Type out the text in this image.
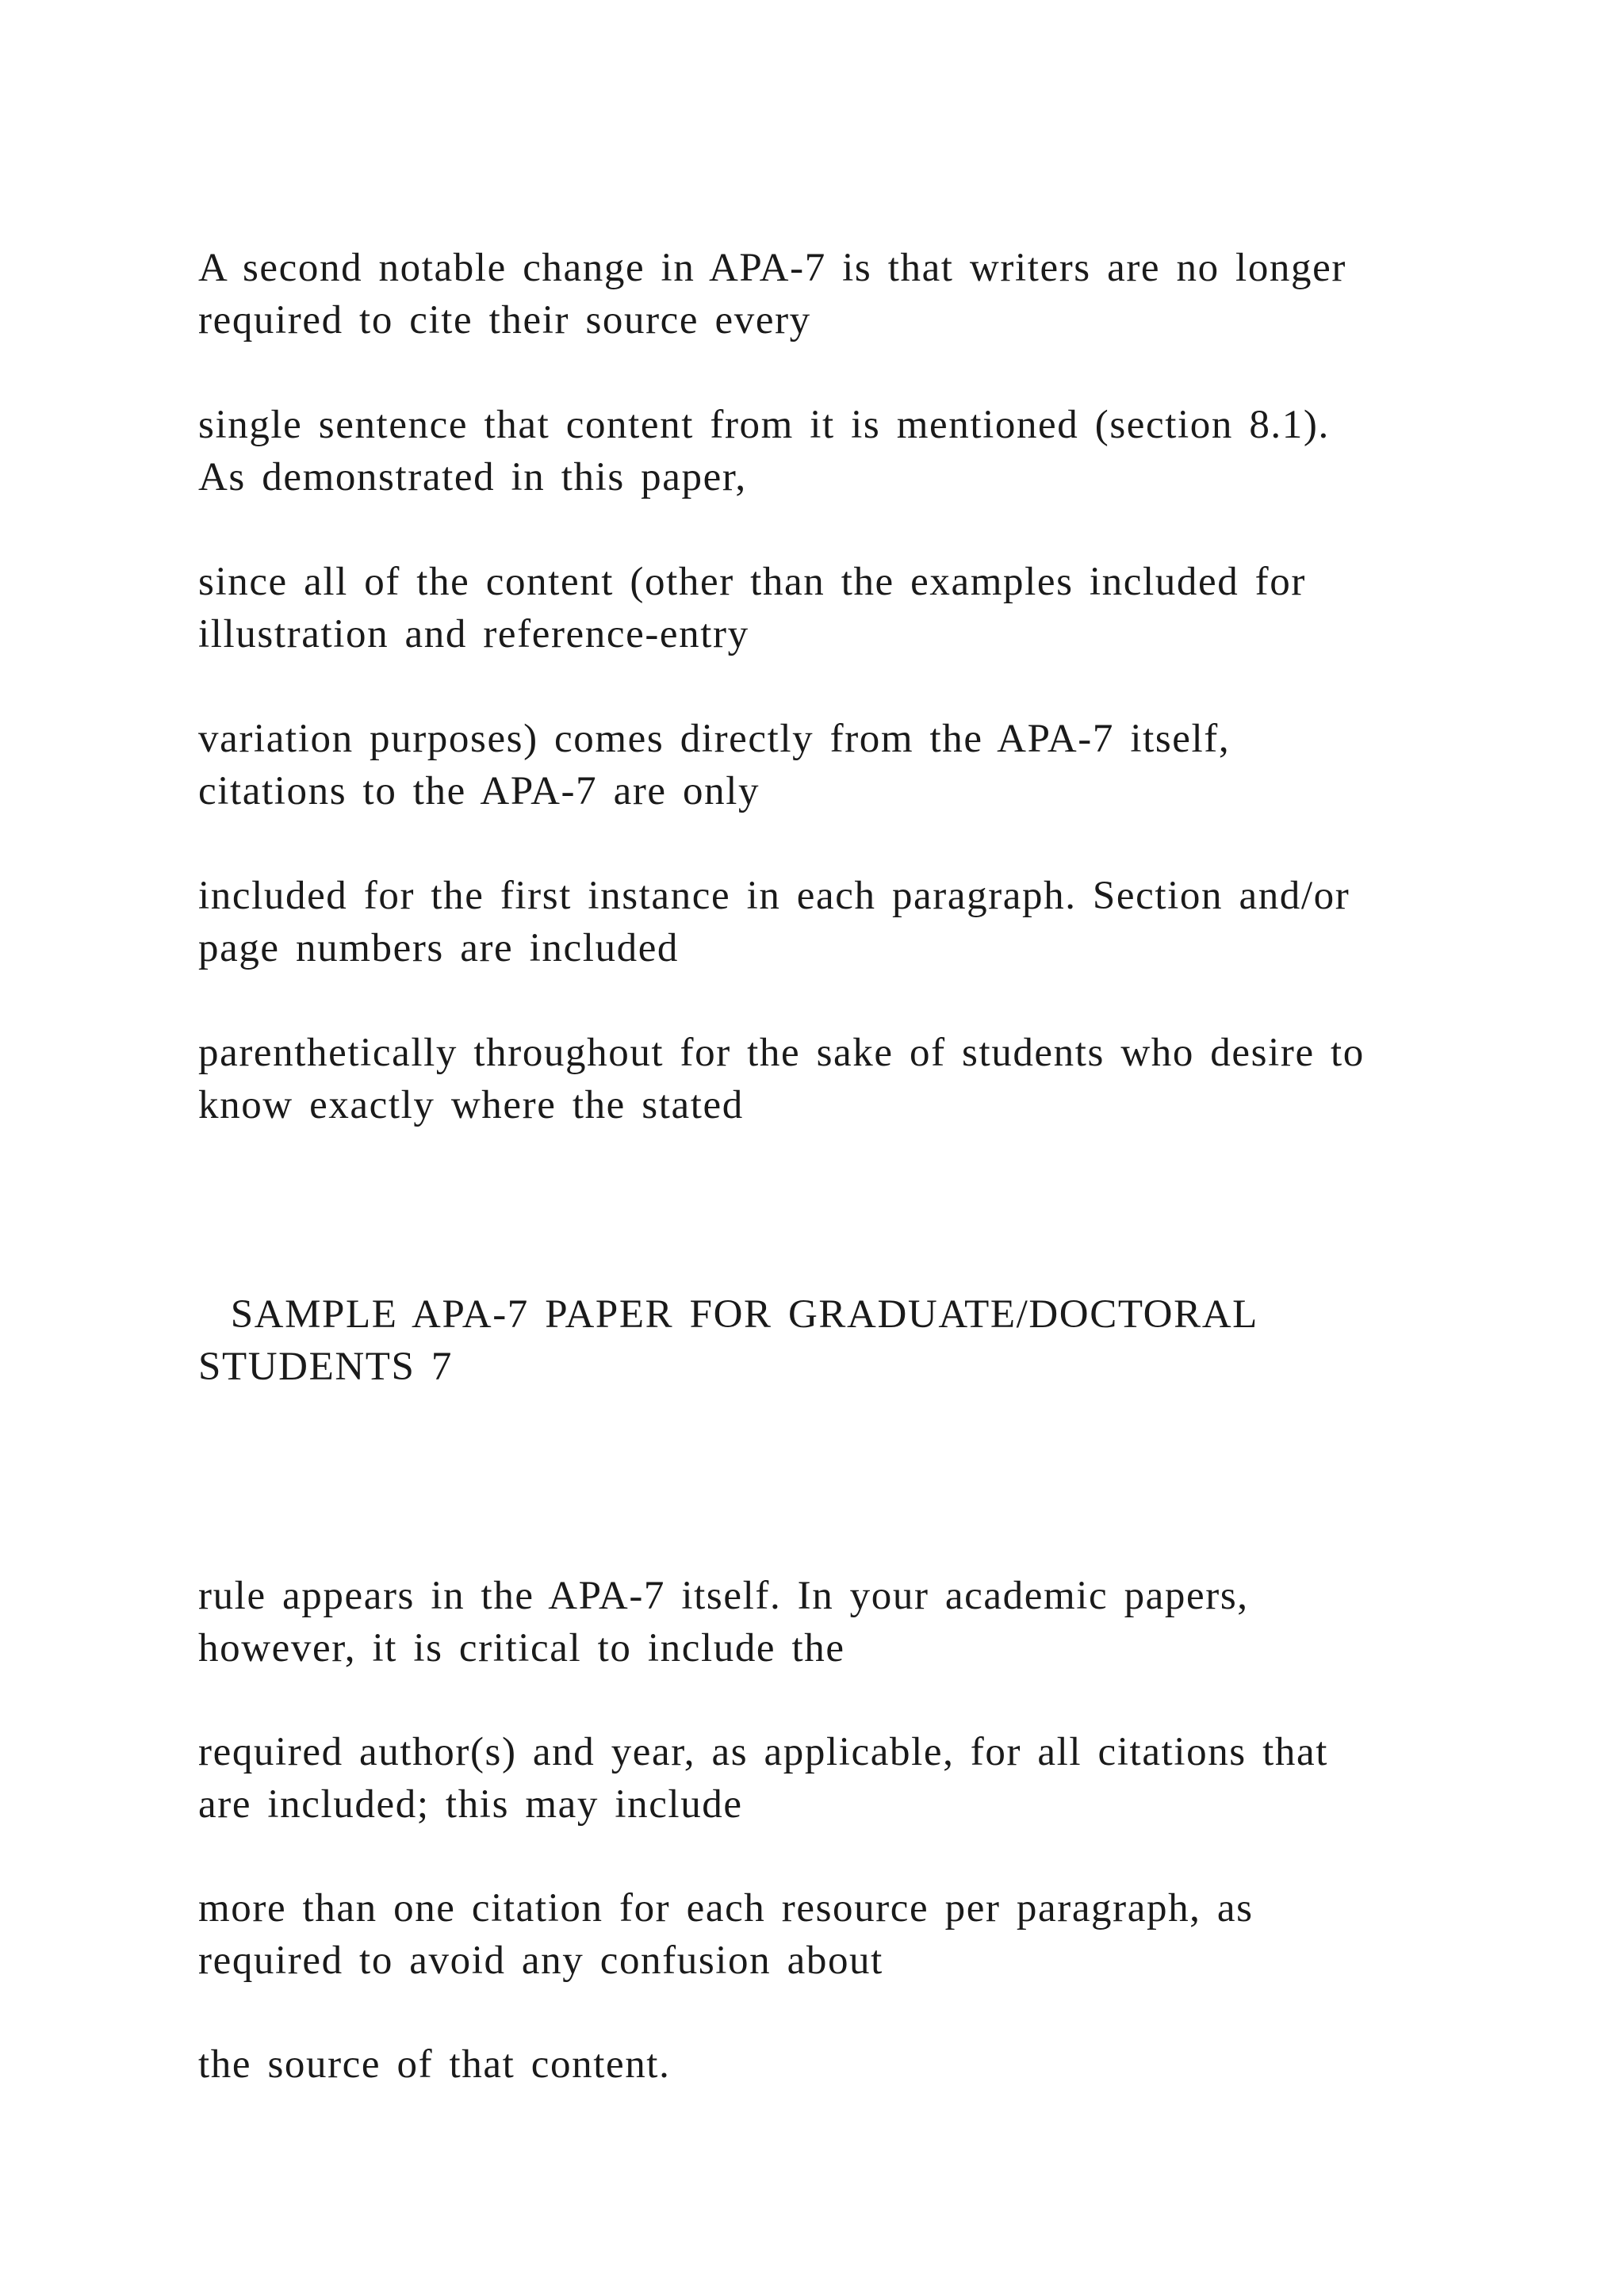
A second notable change in APA-7 is that writers are no longer
required to cite their source every

single sentence that content from it is mentioned (section 8.1).
As demonstrated in this paper,

since all of the content (other than the examples included for
illustration and reference-entry

variation purposes) comes directly from the APA-7 itself,
citations to the APA-7 are only

included for the first instance in each paragraph. Section and/or
page numbers are included

parenthetically throughout for the sake of students who desire to
know exactly where the stated

SAMPLE APA-7 PAPER FOR GRADUATE/DOCTORAL
STUDENTS 7

rule appears in the APA-7 itself. In your academic papers,
however, it is critical to include the

required author(s) and year, as applicable, for all citations that
are included; this may include

more than one citation for each resource per paragraph, as
required to avoid any confusion about

the source of that content.
